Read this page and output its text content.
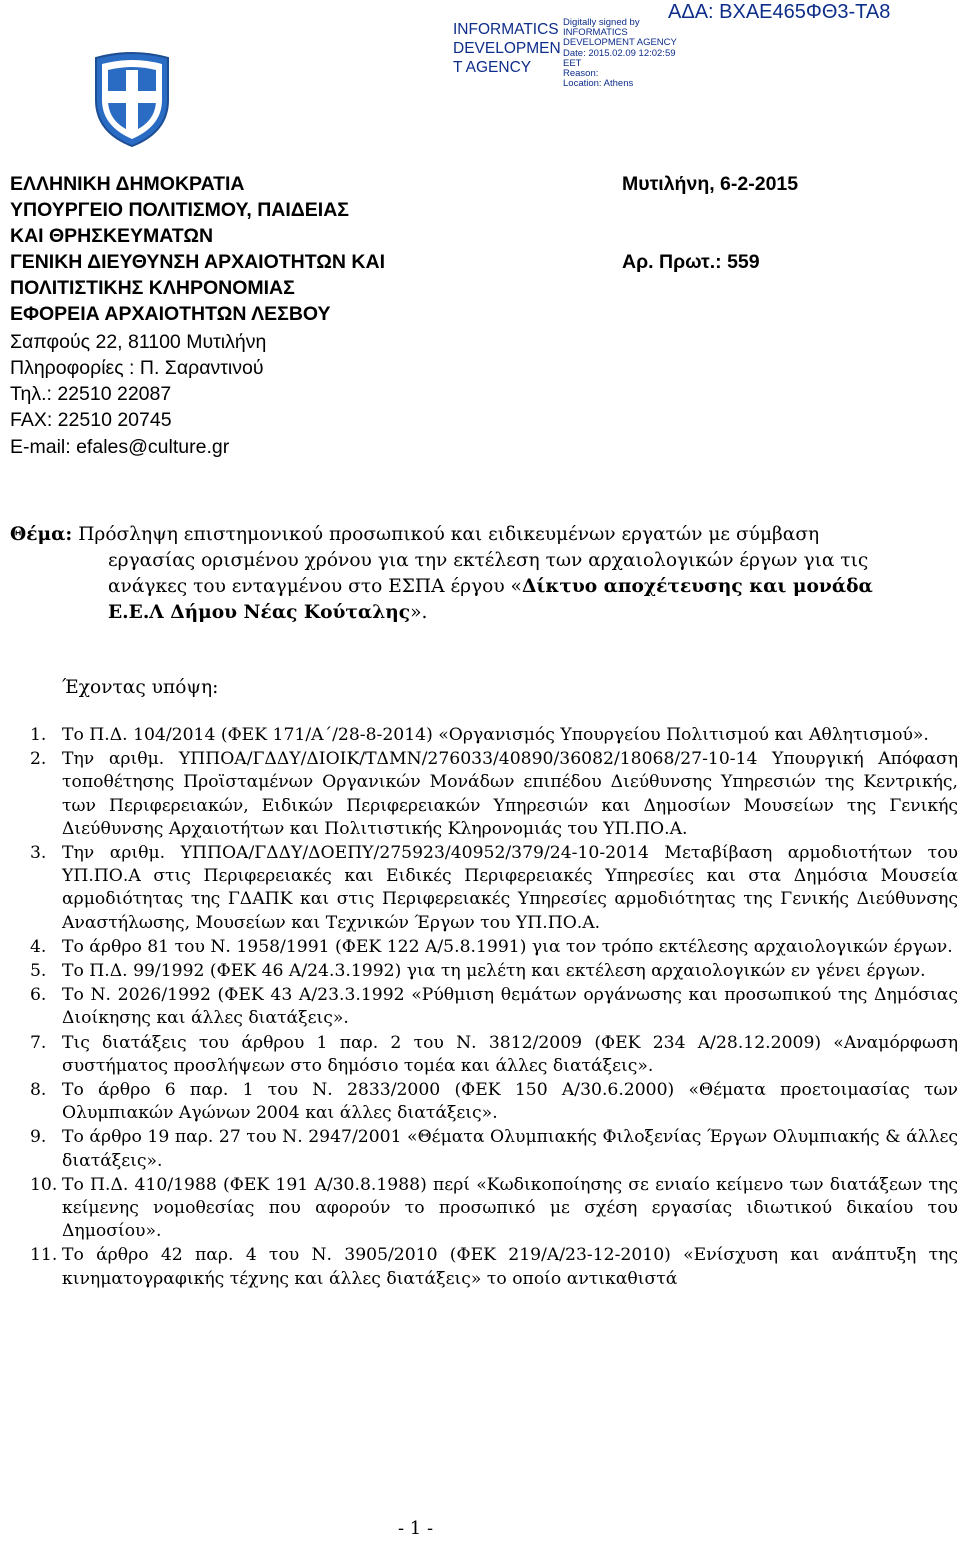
INFORMATICS
DEVELOPMEN
T AGENCY
Digitally signed by
INFORMATICS
DEVELOPMENT AGENCY
Date: 2015.02.09 12:02:59
EET
Reason:
Location: Athens
ΑΔΑ: ΒΧΑΕ465ΦΘ3-ΤΑ8
ΕΛΛΗΝΙΚΗ ΔΗΜΟΚΡΑΤΙΑ
ΥΠΟΥΡΓΕΙΟ ΠΟΛΙΤΙΣΜΟΥ, ΠΑΙΔΕΙΑΣ
ΚΑΙ ΘΡΗΣΚΕΥΜΑΤΩΝ
ΓΕΝΙΚΗ ΔΙΕΥΘΥΝΣΗ ΑΡΧΑΙΟΤΗΤΩΝ ΚΑΙ
ΠΟΛΙΤΙΣΤΙΚΗΣ ΚΛΗΡΟΝΟΜΙΑΣ
ΕΦΟΡΕΙΑ ΑΡΧΑΙΟΤΗΤΩΝ ΛΕΣΒΟΥ
Σαπφούς 22, 81100 Μυτιλήνη
Πληροφορίες : Π. Σαραντινού
Τηλ.: 22510 22087
FAX: 22510 20745
E-mail: efales@culture.gr
Μυτιλήνη, 6-2-2015
Αρ. Πρωτ.: 559
Θέμα: Πρόσληψη επιστημονικού προσωπικού και ειδικευμένων εργατών με σύμβαση
εργασίας ορισμένου χρόνου για την εκτέλεση των αρχαιολογικών έργων για τις
ανάγκες του ενταγμένου στο ΕΣΠΑ έργου «Δίκτυο αποχέτευσης και μονάδα
Ε.Ε.Λ Δήμου Νέας Κούταλης».
Έχοντας υπόψη:
1. Το Π.Δ. 104/2014 (ΦΕΚ 171/Α΄/28-8-2014) «Οργανισμός Υπουργείου Πολιτισμού και Αθλητισμού».
2. Την αριθμ. ΥΠΠΟΑ/ΓΔΔΥ/ΔΙΟΙΚ/ΤΔΜΝ/276033/40890/36082/18068/27-10-14 Υπουργική Απόφαση τοποθέτησης Προϊσταμένων Οργανικών Μονάδων επιπέδου Διεύθυνσης Υπηρεσιών της Κεντρικής, των Περιφερειακών, Ειδικών Περιφερειακών Υπηρεσιών και Δημοσίων Μουσείων της Γενικής Διεύθυνσης Αρχαιοτήτων και Πολιτιστικής Κληρονομιάς του ΥΠ.ΠΟ.Α.
3. Την αριθμ. ΥΠΠΟΑ/ΓΔΔΥ/ΔΟΕΠΥ/275923/40952/379/24-10-2014 Μεταβίβαση αρμοδιοτήτων του ΥΠ.ΠΟ.Α στις Περιφερειακές και Ειδικές Περιφερειακές Υπηρεσίες και στα Δημόσια Μουσεία αρμοδιότητας της ΓΔΑΠΚ και στις Περιφερειακές Υπηρεσίες αρμοδιότητας της Γενικής Διεύθυνσης Αναστήλωσης, Μουσείων και Τεχνικών Έργων του ΥΠ.ΠΟ.Α.
4. Το άρθρο 81 του Ν. 1958/1991 (ΦΕΚ 122 Α/5.8.1991) για τον τρόπο εκτέλεσης αρχαιολογικών έργων.
5. Το Π.Δ. 99/1992 (ΦΕΚ 46 Α/24.3.1992) για τη μελέτη και εκτέλεση αρχαιολογικών εν γένει έργων.
6. Το Ν. 2026/1992 (ΦΕΚ 43 Α/23.3.1992 «Ρύθμιση θεμάτων οργάνωσης και προσωπικού της Δημόσιας Διοίκησης και άλλες διατάξεις».
7. Τις διατάξεις του άρθρου 1 παρ. 2 του Ν. 3812/2009 (ΦΕΚ 234 Α/28.12.2009) «Αναμόρφωση συστήματος προσλήψεων στο δημόσιο τομέα και άλλες διατάξεις».
8. Το άρθρο 6 παρ. 1 του Ν. 2833/2000 (ΦΕΚ 150 Α/30.6.2000) «Θέματα προετοιμασίας των Ολυμπιακών Αγώνων 2004 και άλλες διατάξεις».
9. Το άρθρο 19 παρ. 27 του Ν. 2947/2001 «Θέματα Ολυμπιακής Φιλοξενίας Έργων Ολυμπιακής & άλλες διατάξεις».
10. Το Π.Δ. 410/1988 (ΦΕΚ 191 Α/30.8.1988) περί «Κωδικοποίησης σε ενιαίο κείμενο των διατάξεων της κείμενης νομοθεσίας που αφορούν το προσωπικό με σχέση εργασίας ιδιωτικού δικαίου του Δημοσίου».
11. Το άρθρο 42 παρ. 4 του Ν. 3905/2010 (ΦΕΚ 219/Α/23-12-2010) «Ενίσχυση και ανάπτυξη της κινηματογραφικής τέχνης και άλλες διατάξεις» το οποίο αντικαθιστά
- 1 -
